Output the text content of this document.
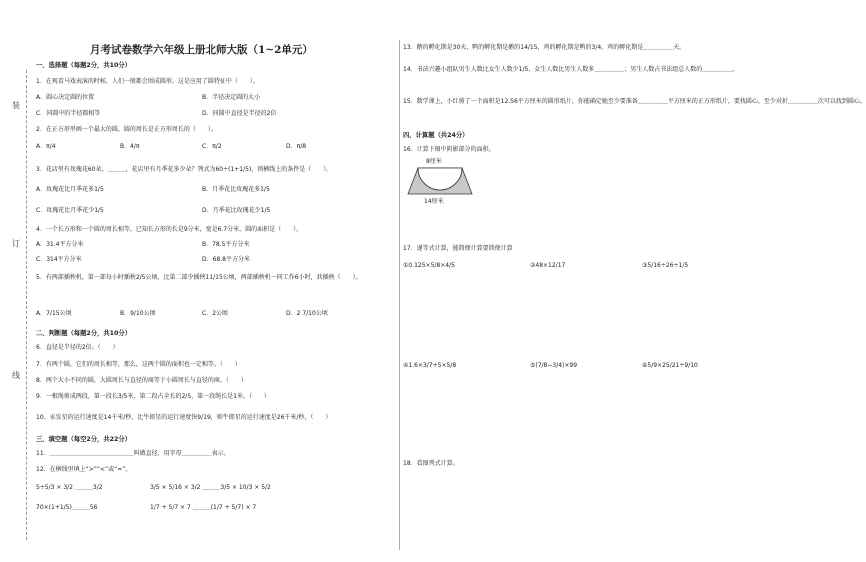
装
订
线
月考试卷数学六年级上册北师大版（1~2单元）
一、选择题（每题2分，共10分）
1．在观看马戏表演的时候，人们一般都会围成圆形，这是应用了圆特征中（　　）。
A．圆心决定圆的位置	B．半径决定圆的大小
C．同圆中的半径都相等	D．同圆中直径是半径的2倍
2．在正方形里画一个最大的圆，圆的周长是正方形周长的（　　）。
A．π/4	B．4/π	C．π/2	D．π/8
3．花店里有玫瑰花60朵，＿＿＿，花店里有月季花多少朵？列式为60÷(1+1/5)，则横线上的条件是（　　）。
A．玫瑰花比月季花多1/5	B．月季花比玫瑰花多1/5
C．玫瑰花比月季花少1/5	D．月季花比玫瑰花少1/5
4．一个长方形和一个圆的周长相等，已知长方形的长是9分米，宽是6.7分米，圆的面积是（　　）。
A．31.4平方分米	B．78.5平方分米
C．314平方分米	D．68.8平方分米
5．有两部插秧机，第一部每小时插秧2/5公顷，比第二部少插秧11/15公顷，两部插秧机一同工作6小时，共插秧（　　）。
A．7/15公顷	B．9/10公顷	C．2公顷	D．2 7/10公顷
二、判断题（每题2分，共10分）
6．直径是半径的2倍。（　　）
7．有两个圆，它们的周长相等，那么，这两个圆的面积也一定相等。（　　）
8．两个大小不同的圆，大圆周长与直径的商等于小圆周长与直径的商。（　　）
9．一根绳剪成两段，第一段长3/5米，第二段占全长的2/5，第一段绳长是1米。（　　）
10．汞发星的运行速度是14千米/秒，比牛郎星的运行速度快9/19，则牛郎星的运行速度是26千米/秒。（　　）
三、填空题（每空2分，共22分）
11．＿＿＿＿＿＿＿＿＿＿＿＿＿＿叫做直径，用字母＿＿＿＿＿表示。
12．在横线里填上“>”“<”或“=”。
5÷5/3 × 3/2 ＿＿＿3/2	3/5 × 5/16 × 3/2 ＿＿＿3/5 × 10/3 × 5/2
70×(1+1/5)＿＿＿56	1/7 + 5/7 × 7 ＿＿＿(1/7 + 5/7) × 7
13．鹅的孵化期是30天，鸭的孵化期是鹅的14/15，鸡的孵化期是鸭的3/4。鸡的孵化期是＿＿＿＿＿天。
14．书法兴趣小组队男生人数比女生人数少1/5，女生人数比男生人数多＿＿＿＿＿；男生人数占书法组总人数的＿＿＿＿＿。
15．数学课上，小红剪了一个面积是12.56平方厘米的圆形纸片，你能确定她至少要准备＿＿＿＿＿平方厘米的正方形纸片，要找圆心，至少对折＿＿＿＿＿次可以找到圆心。
四、计算题（共24分）
16．计算下图中阴影部分的面积。
8厘米
14厘米
17．递等式计算，能简便计算要简便计算
①0.125×5/8×4/5	②48×12/17	③5/16÷26÷1/5
④1.6×3/7+5×5/8	⑤(7/8−3/4)×99	⑥5/9×25/21÷9/10
18．看图列式计算。
